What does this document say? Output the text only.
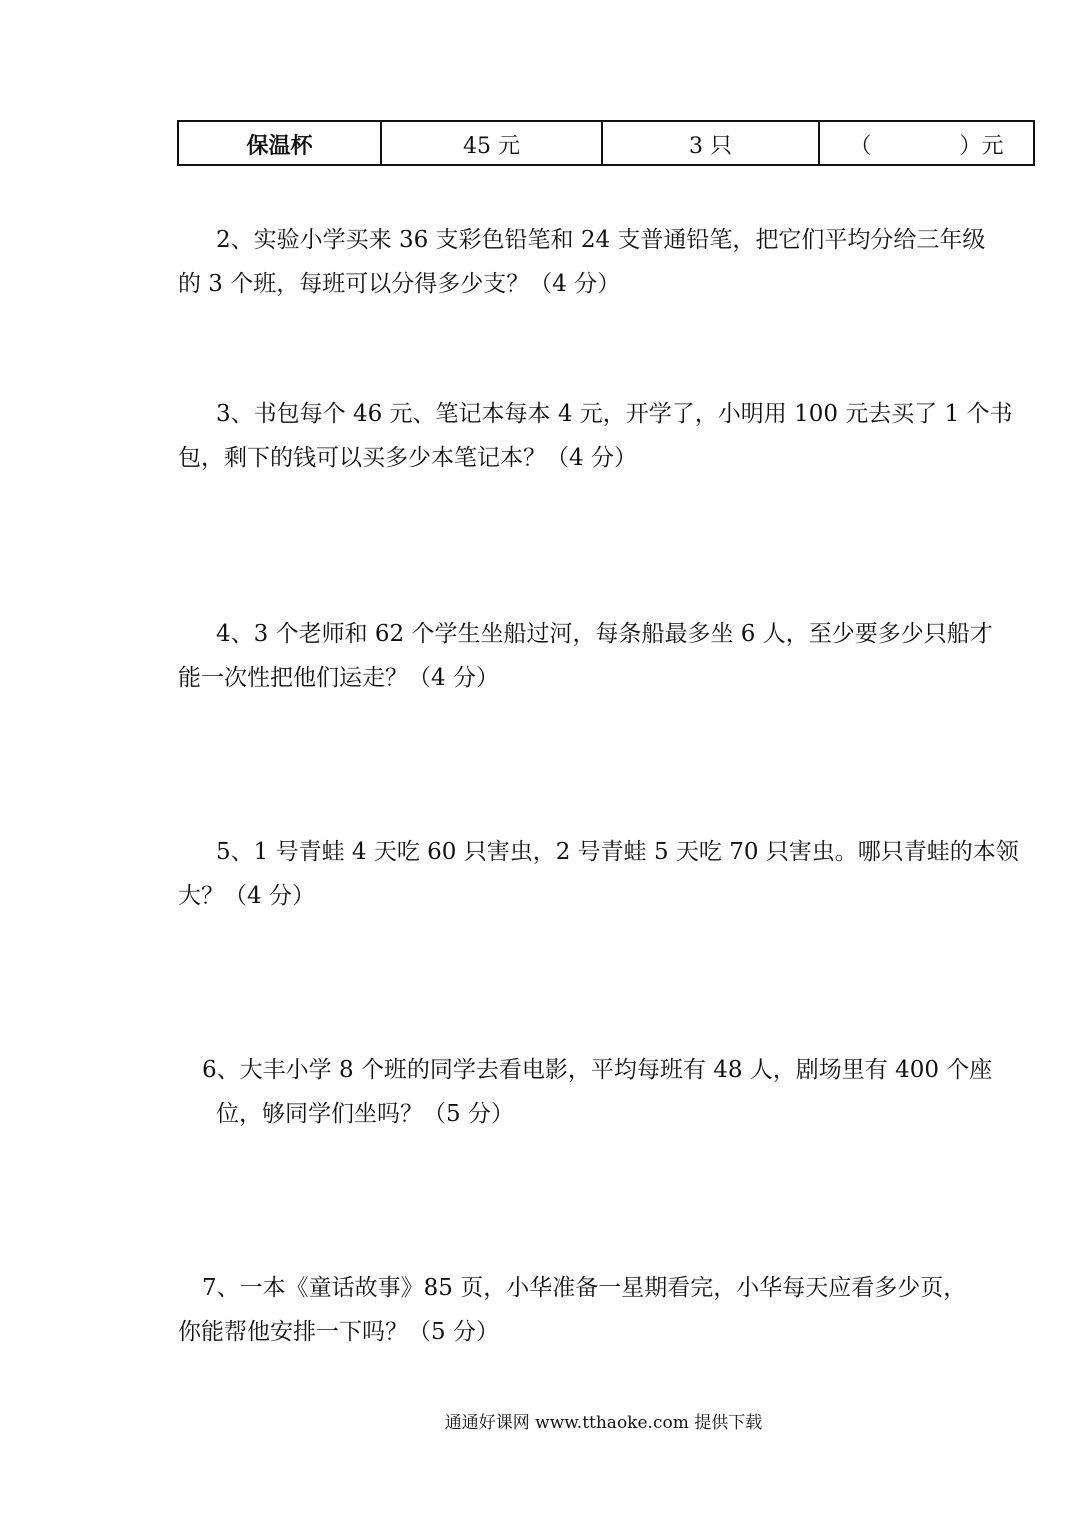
保温杯	45 元	3 只	（　　　　）元
2、实验小学买来 36 支彩色铅笔和 24 支普通铅笔，把它们平均分给三年级
的 3 个班，每班可以分得多少支？（4 分）
3、书包每个 46 元、笔记本每本 4 元，开学了，小明用 100 元去买了 1 个书
包，剩下的钱可以买多少本笔记本？（4 分）
4、3 个老师和 62 个学生坐船过河，每条船最多坐 6 人，至少要多少只船才
能一次性把他们运走？（4 分）
5、1 号青蛙 4 天吃 60 只害虫，2 号青蛙 5 天吃 70 只害虫。哪只青蛙的本领
大？（4 分）
6、大丰小学 8 个班的同学去看电影，平均每班有 48 人，剧场里有 400 个座
位，够同学们坐吗？（5 分）
7、一本《童话故事》85 页，小华准备一星期看完，小华每天应看多少页，
你能帮他安排一下吗？（5 分）
通通好课网 www.tthaoke.com 提供下载
